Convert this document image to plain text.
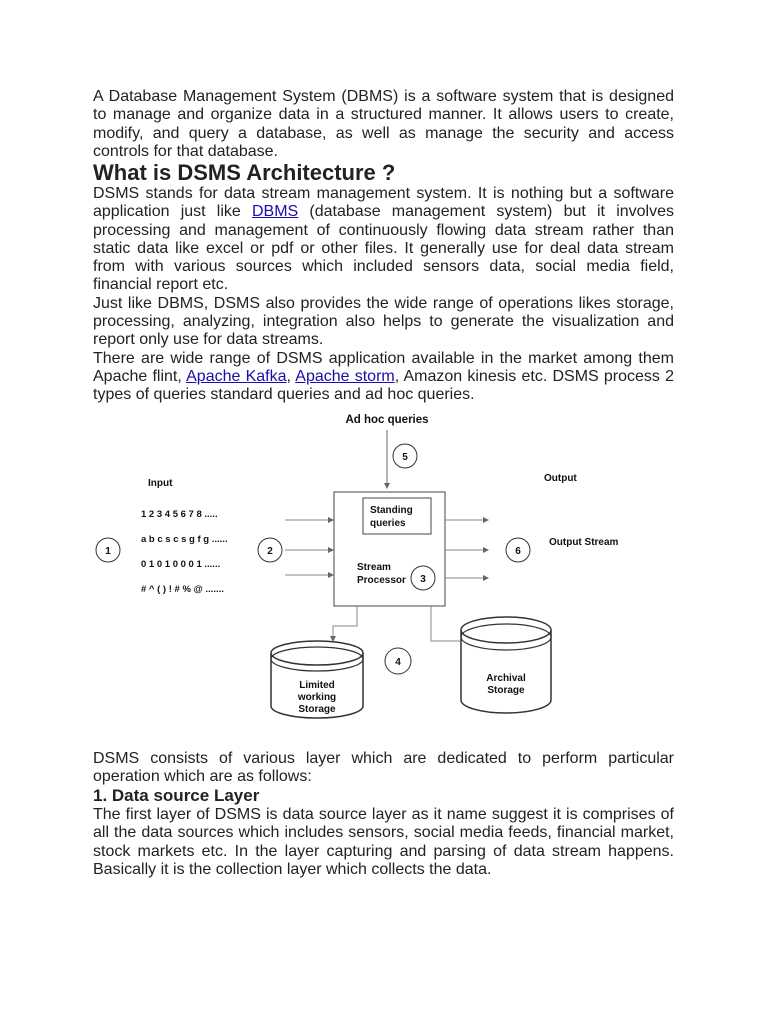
A Database Management System (DBMS) is a software system that is designed to manage and organize data in a structured manner. It allows users to create, modify, and query a database, as well as manage the security and access controls for that database.

What is DSMS Architecture ?

DSMS stands for data stream management system. It is nothing but a software application just like DBMS (database management system) but it involves processing and management of continuously flowing data stream rather than static data like excel or pdf or other files. It generally use for deal data stream from with various sources which included sensors data, social media field, financial report etc.

Just like DBMS, DSMS also provides the wide range of operations likes storage, processing, analyzing, integration also helps to generate the visualization and report only use for data streams.

There are wide range of DSMS application available in the market among them Apache flint, Apache Kafka, Apache storm, Amazon kinesis etc. DSMS process 2 types of queries standard queries and ad hoc queries.

Ad hoc queries
5
Input	Output
1 2 3 4 5 6 7 8 .....
a b c s c s g f g ......
0 1 0 1 0 0 0 1 ......
# ^ ( ) ! # % @ .......
1	2
Standing
queries
Stream
Processor 3
6
Output Stream
4
Limited
working
Storage
Archival
Storage

DSMS consists of various layer which are dedicated to perform particular operation which are as follows:

1. Data source Layer

The first layer of DSMS is data source layer as it name suggest it is comprises of all the data sources which includes sensors, social media feeds, financial market, stock markets etc. In the layer capturing and parsing of data stream happens. Basically it is the collection layer which collects the data.
